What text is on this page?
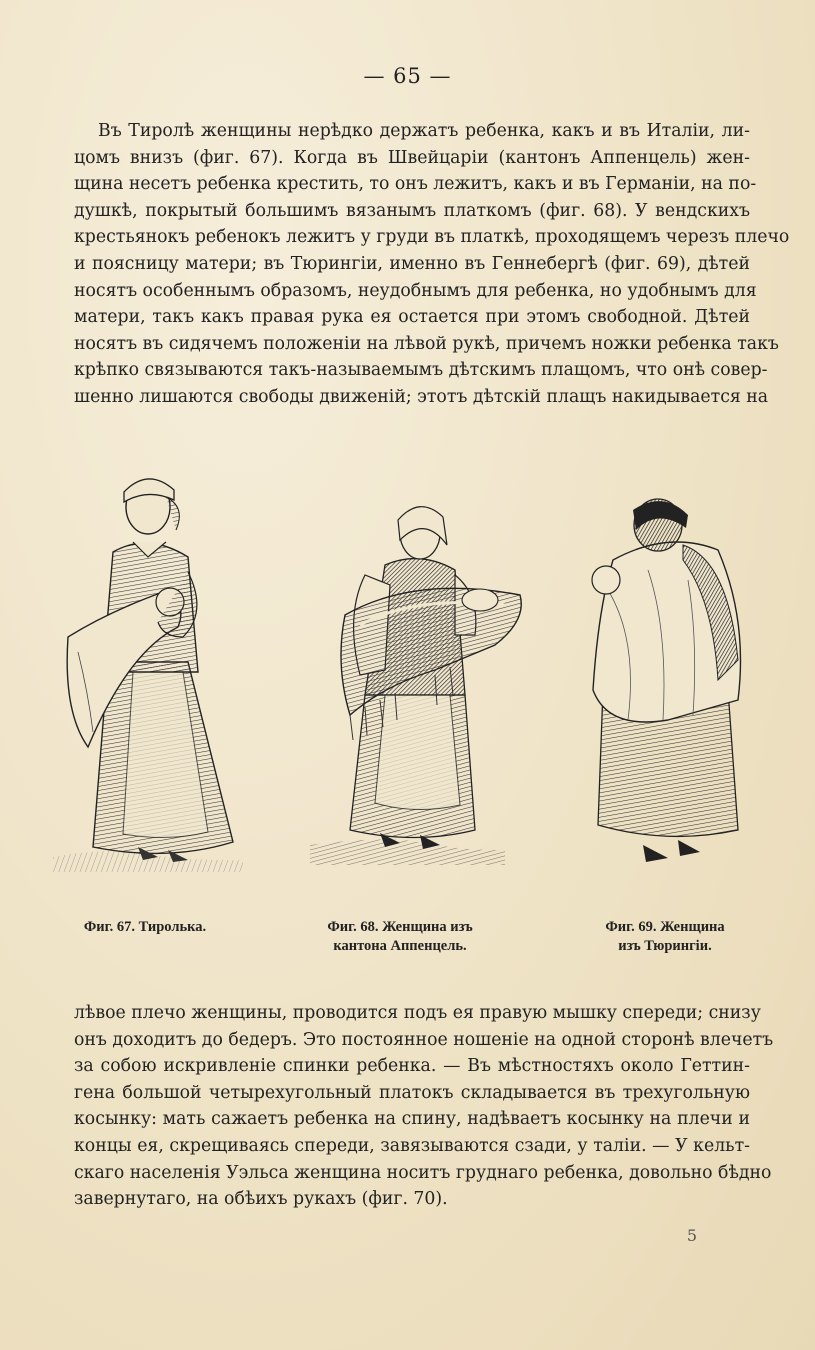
— 65 —
Въ Тиролѣ женщины нерѣдко держатъ ребенка, какъ и въ Италіи, ли-
цомъ внизъ (фиг. 67). Когда въ Швейцаріи (кантонъ Аппенцель) жен-
щина несетъ ребенка крестить, то онъ лежитъ, какъ и въ Германіи, на по-
душкѣ, покрытый большимъ вязанымъ платкомъ (фиг. 68). У вендскихъ
крестьянокъ ребенокъ лежитъ у груди въ платкѣ, проходящемъ черезъ плечо
и поясницу матери; въ Тюрингіи, именно въ Геннебергѣ (фиг. 69), дѣтей
носятъ особеннымъ образомъ, неудобнымъ для ребенка, но удобнымъ для
матери, такъ какъ правая рука ея остается при этомъ свободной. Дѣтей
носятъ въ сидячемъ положеніи на лѣвой рукѣ, причемъ ножки ребенка такъ
крѣпко связываются такъ-называемымъ дѣтскимъ плащомъ, что онѣ совер-
шенно лишаются свободы движеній; этотъ дѣтскій плащъ накидывается на
Фиг. 67. Тиролька.	Фиг. 68. Женщина изъ
кантона Аппенцель.
Фиг. 69. Женщина
изъ Тюрингіи.
лѣвое плечо женщины, проводится подъ ея правую мышку спереди; снизу
онъ доходитъ до бедеръ. Это постоянное ношеніе на одной сторонѣ влечетъ
за собою искривленіе спинки ребенка. — Въ мѣстностяхъ около Геттин-
гена большой четырехугольный платокъ складывается въ трехугольную
косынку: мать сажаетъ ребенка на спину, надѣваетъ косынку на плечи и
концы ея, скрещиваясь спереди, завязываются сзади, у таліи. — У кельт-
скаго населенія Уэльса женщина носитъ груднаго ребенка, довольно бѣдно
завернутаго, на обѣихъ рукахъ (фиг. 70).
5
